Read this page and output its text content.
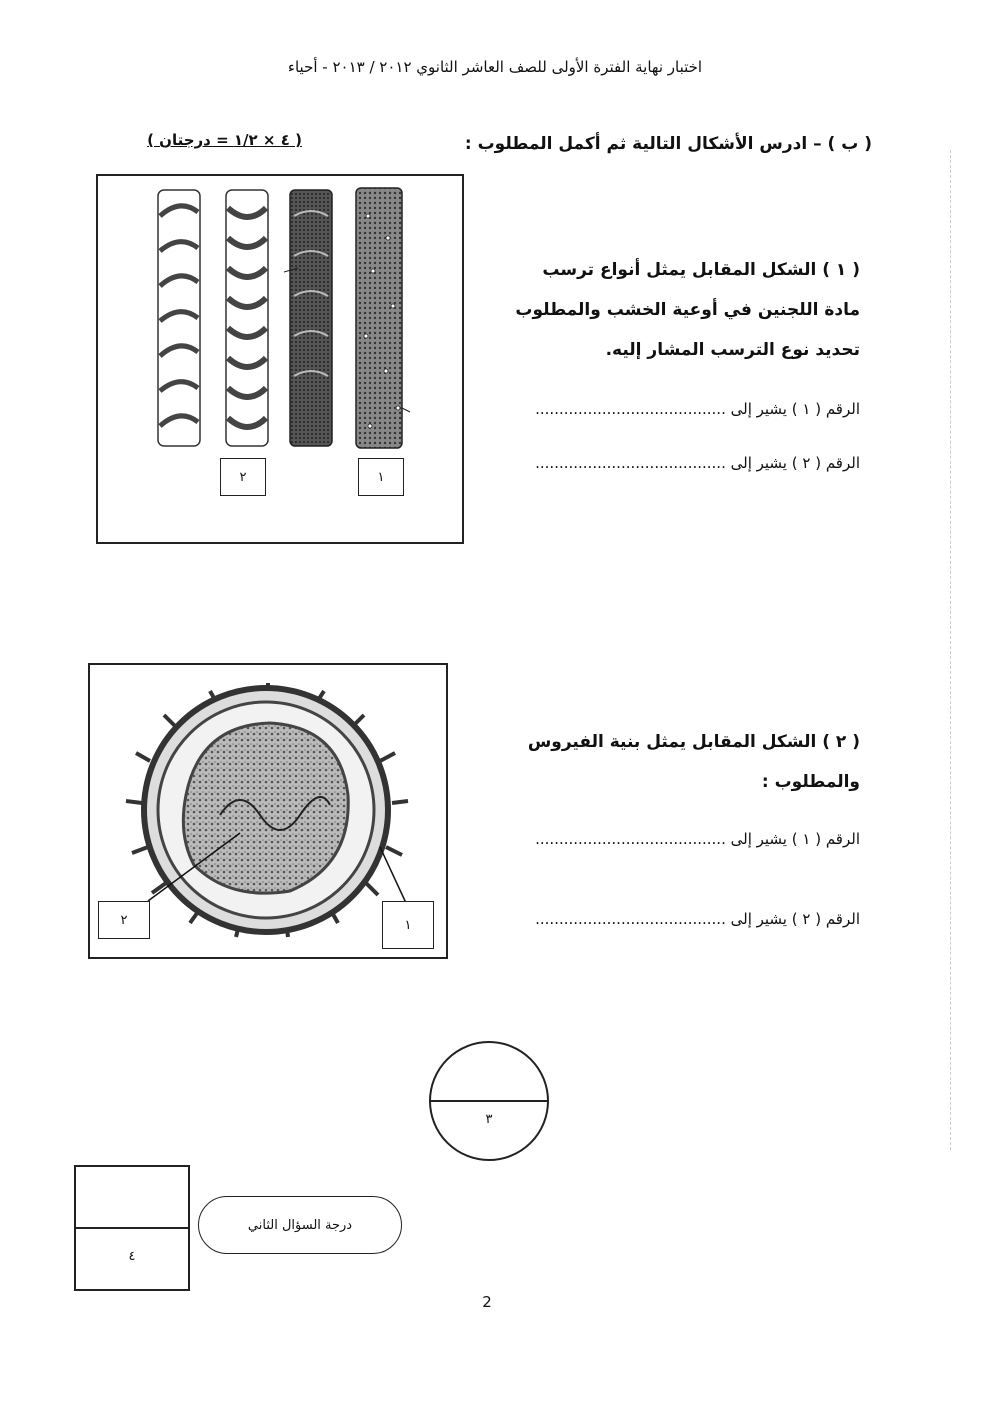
اختبار نهاية الفترة الأولى للصف العاشر الثانوي ٢٠١٢ / ٢٠١٣ - أحياء
( ب ) – ادرس الأشكال التالية ثم أكمل المطلوب :
( ٤ × ١/٢ = درجتان )
٢	١
( ١ ) الشكل المقابل يمثل أنواع ترسب
مادة اللجنين في أوعية الخشب والمطلوب
تحديد نوع الترسب المشار إليه.
الرقم ( ١ ) يشير إلى ........................................
الرقم ( ٢ ) يشير إلى ........................................
٢	١
( ٢ ) الشكل المقابل يمثل بنية الفيروس
والمطلوب :
الرقم ( ١ ) يشير إلى ........................................
الرقم ( ٢ ) يشير إلى ........................................
٣
٤
درجة السؤال الثاني
2
